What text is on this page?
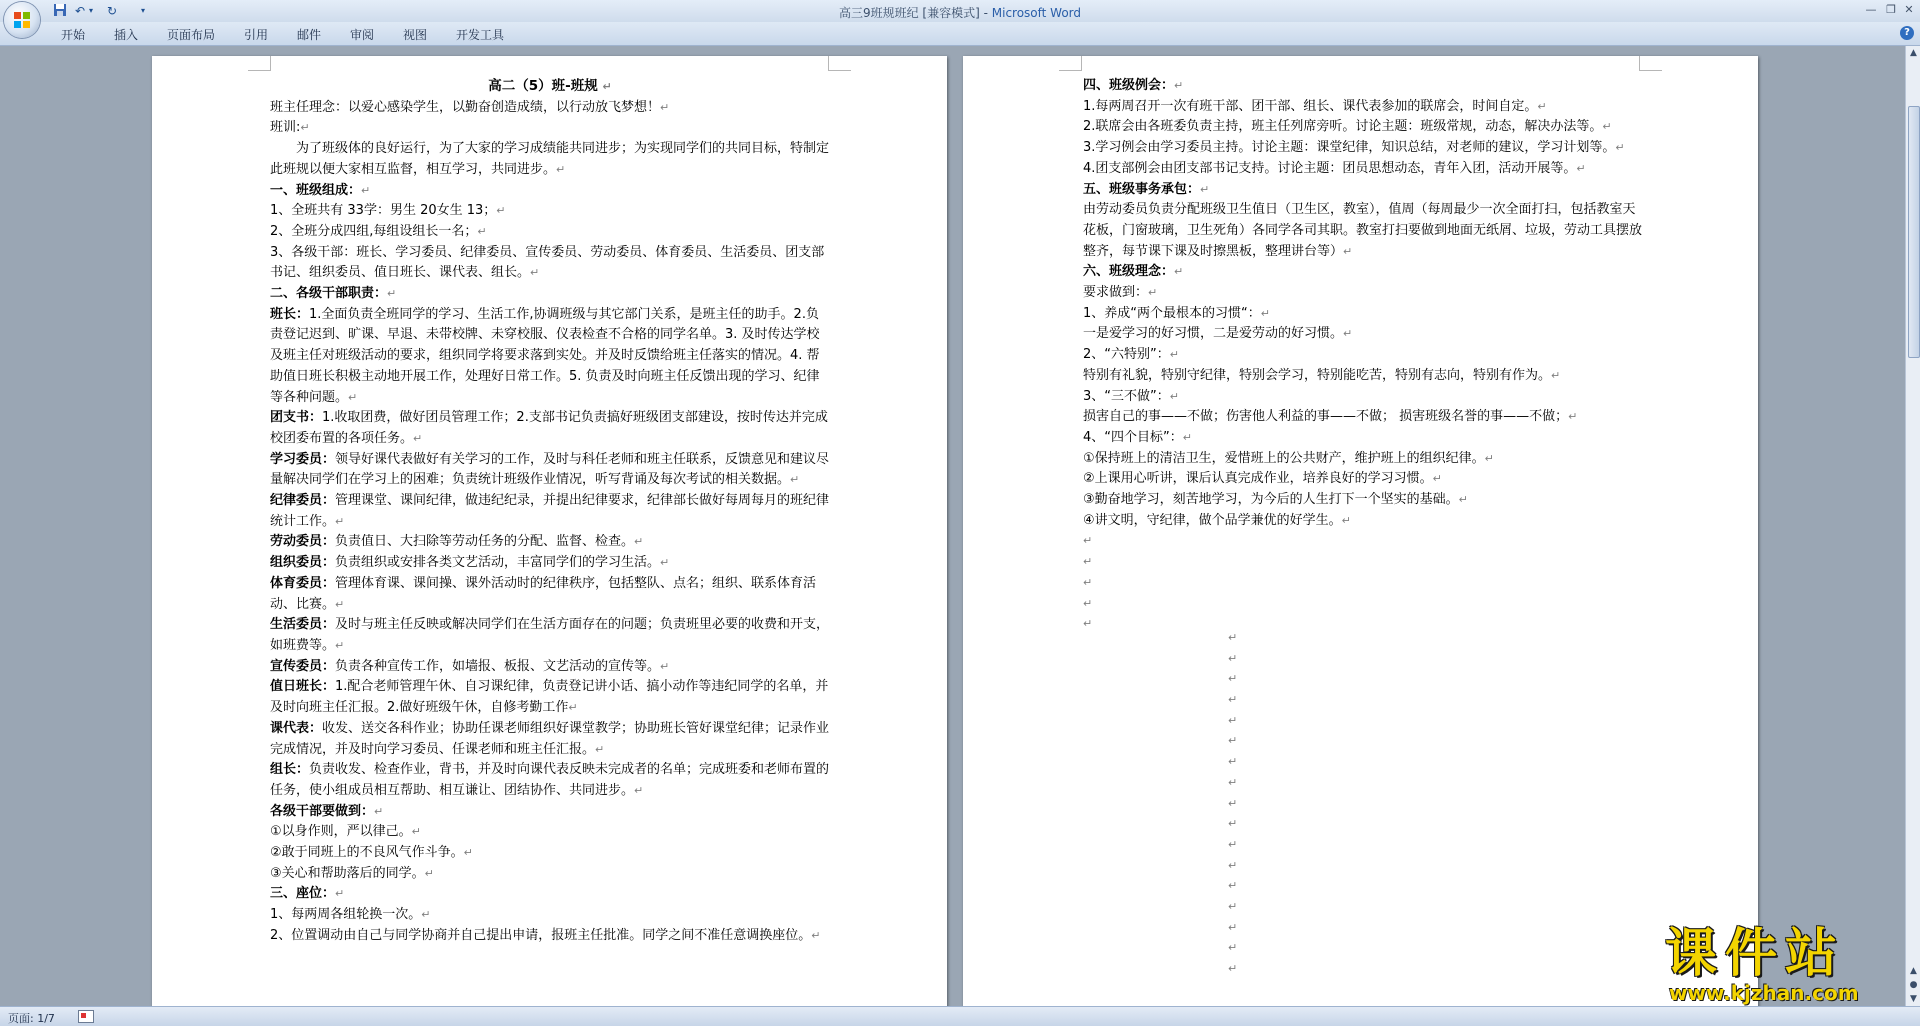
↶ ▾ ↻	▾	高三9班规班纪 [兼容模式] - Microsoft Word	— ❐ ✕
开始 插入 页面布局 引用 邮件 审阅 视图 开发工具	?

高二（5）班-班规 ↵

班主任理念：以爱心感染学生，以勤奋创造成绩，以行动放飞梦想！↵

班训:↵

为了班级体的良好运行，为了大家的学习成绩能共同进步；为实现同学们的共同目标，特制定此班规以便大家相互监督，相互学习，共同进步。↵

一、班级组成：↵

1、全班共有 33学：男生 20女生 13；↵

2、全班分成四组,每组设组长一名；↵

3、各级干部：班长、学习委员、纪律委员、宣传委员、劳动委员、体育委员、生活委员、团支部书记、组织委员、值日班长、课代表、组长。↵

二、各级干部职责：↵

班长：1.全面负责全班同学的学习、生活工作,协调班级与其它部门关系，是班主任的助手。2.负责登记迟到、旷课、早退、未带校牌、未穿校服、仪表检查不合格的同学名单。3. 及时传达学校及班主任对班级活动的要求，组织同学将要求落到实处。并及时反馈给班主任落实的情况。4. 帮助值日班长积极主动地开展工作，处理好日常工作。5. 负责及时向班主任反馈出现的学习、纪律等各种问题。↵

团支书：1.收取团费，做好团员管理工作；2.支部书记负责搞好班级团支部建设，按时传达并完成校团委布置的各项任务。↵

学习委员：领导好课代表做好有关学习的工作，及时与科任老师和班主任联系，反馈意见和建议尽量解决同学们在学习上的困难；负责统计班级作业情况，听写背诵及每次考试的相关数据。↵

纪律委员：管理课堂、课间纪律，做违纪纪录，并提出纪律要求，纪律部长做好每周每月的班纪律统计工作。↵

劳动委员：负责值日、大扫除等劳动任务的分配、监督、检查。↵

组织委员：负责组织或安排各类文艺活动，丰富同学们的学习生活。↵

体育委员：管理体育课、课间操、课外活动时的纪律秩序，包括整队、点名；组织、联系体育活动、比赛。↵

生活委员：及时与班主任反映或解决同学们在生活方面存在的问题；负责班里必要的收费和开支，如班费等。↵

宣传委员：负责各种宣传工作，如墙报、板报、文艺活动的宣传等。↵

值日班长：1.配合老师管理午休、自习课纪律，负责登记讲小话、搞小动作等违纪同学的名单，并及时向班主任汇报。2.做好班级午休，自修考勤工作↵

课代表：收发、送交各科作业；协助任课老师组织好课堂教学；协助班长管好课堂纪律；记录作业完成情况，并及时向学习委员、任课老师和班主任汇报。↵

组长：负责收发、检查作业，背书，并及时向课代表反映未完成者的名单；完成班委和老师布置的任务，使小组成员相互帮助、相互谦让、团结协作、共同进步。↵

各级干部要做到：↵

①以身作则，严以律己。↵

②敢于同班上的不良风气作斗争。↵

③关心和帮助落后的同学。↵

三、座位：↵

1、每两周各组轮换一次。↵

2、位置调动由自己与同学协商并自己提出申请，报班主任批准。同学之间不准任意调换座位。↵

四、班级例会：↵

1.每两周召开一次有班干部、团干部、组长、课代表参加的联席会，时间自定。↵

2.联席会由各班委负责主持，班主任列席旁听。讨论主题：班级常规，动态，解决办法等。↵

3.学习例会由学习委员主持。讨论主题：课堂纪律，知识总结，对老师的建议，学习计划等。↵

4.团支部例会由团支部书记支持。讨论主题：团员思想动态，青年入团，活动开展等。↵

五、班级事务承包：↵

由劳动委员负责分配班级卫生值日（卫生区，教室），值周（每周最少一次全面打扫，包括教室天花板，门窗玻璃，卫生死角）各同学各司其职。教室打扫要做到地面无纸屑、垃圾，劳动工具摆放整齐，每节课下课及时擦黑板，整理讲台等）↵

六、班级理念：↵

要求做到：↵

1、养成“两个最根本的习惯“：↵

一是爱学习的好习惯，二是爱劳动的好习惯。↵

2、“六特别”：↵

特别有礼貌，特别守纪律，特别会学习，特别能吃苦，特别有志向，特别有作为。↵

3、“三不做”：↵

损害自己的事——不做；伤害他人利益的事——不做； 损害班级名誉的事——不做；↵

4、“四个目标”：↵

①保持班上的清洁卫生，爱惜班上的公共财产，维护班上的组织纪律。↵

②上课用心听讲，课后认真完成作业，培养良好的学习习惯。↵

③勤奋地学习，刻苦地学习，为今后的人生打下一个坚实的基础。↵

④讲文明，守纪律，做个品学兼优的好学生。↵

↵

↵

↵

↵

↵

↵
↵
↵
↵
↵
↵
↵
↵
↵
↵
↵
↵
↵
↵
↵
↵
↵
▲
▲
●
▼
页面: 1/7
课件站
www.kjzhan.com
